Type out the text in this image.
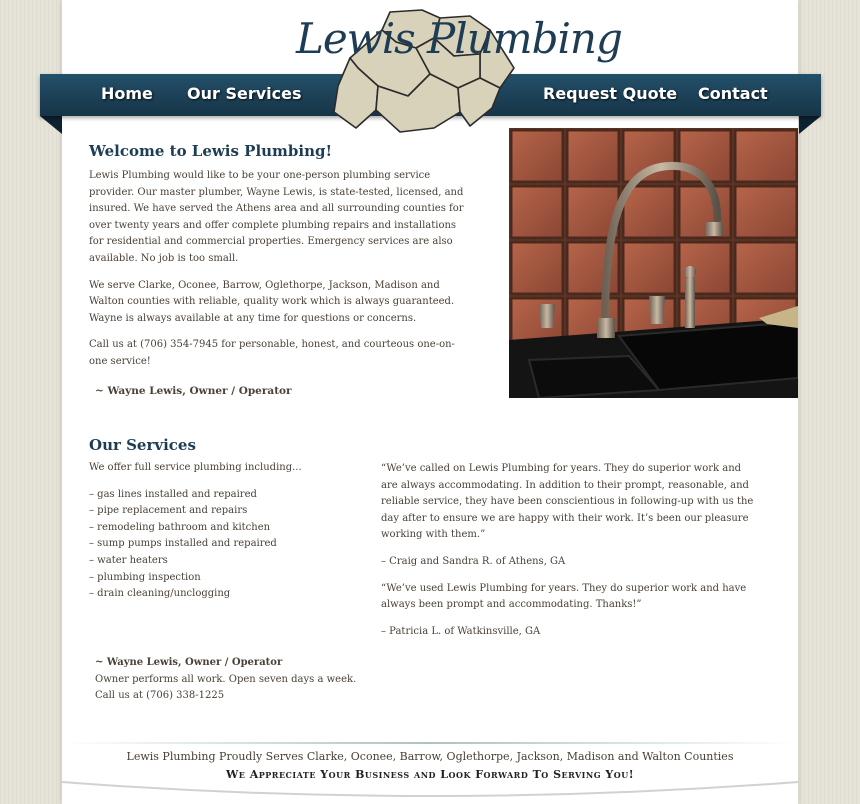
Lewis Plumbing
Home Our Services	Request Quote Contact
Welcome to Lewis Plumbing!

Lewis Plumbing would like to be your one-person plumbing service provider. Our master plumber, Wayne Lewis, is state-tested, licensed, and insured. We have served the Athens area and all surrounding counties for over twenty years and offer complete plumbing repairs and installations for residential and commercial properties. Emergency services are also available. No job is too small.

We serve Clarke, Oconee, Barrow, Oglethorpe, Jackson, Madison and Walton counties with reliable, quality work which is always guaranteed. Wayne is always available at any time for questions or concerns.

Call us at (706) 354-7945 for personable, honest, and courteous one-on-one service!

~ Wayne Lewis, Owner / Operator
Our Services
We offer full service plumbing including...
– gas lines installed and repaired
– pipe replacement and repairs
– remodeling bathroom and kitchen
– sump pumps installed and repaired
– water heaters
– plumbing inspection
– drain cleaning/unclogging

“We’ve called on Lewis Plumbing for years. They do superior work and are always accommodating. In addition to their prompt, reasonable, and reliable service, they have been conscientious in following-up with us the day after to ensure we are happy with their work. It’s been our pleasure working with them.”

– Craig and Sandra R. of Athens, GA

“We’ve used Lewis Plumbing for years. They do superior work and have always been prompt and accommodating. Thanks!”

– Patricia L. of Watkinsville, GA

~ Wayne Lewis, Owner / Operator
Owner performs all work. Open seven days a week.
Call us at (706) 338-1225
Lewis Plumbing Proudly Serves Clarke, Oconee, Barrow, Oglethorpe, Jackson, Madison and Walton Counties
We Appreciate Your Business and Look Forward To Serving You!
